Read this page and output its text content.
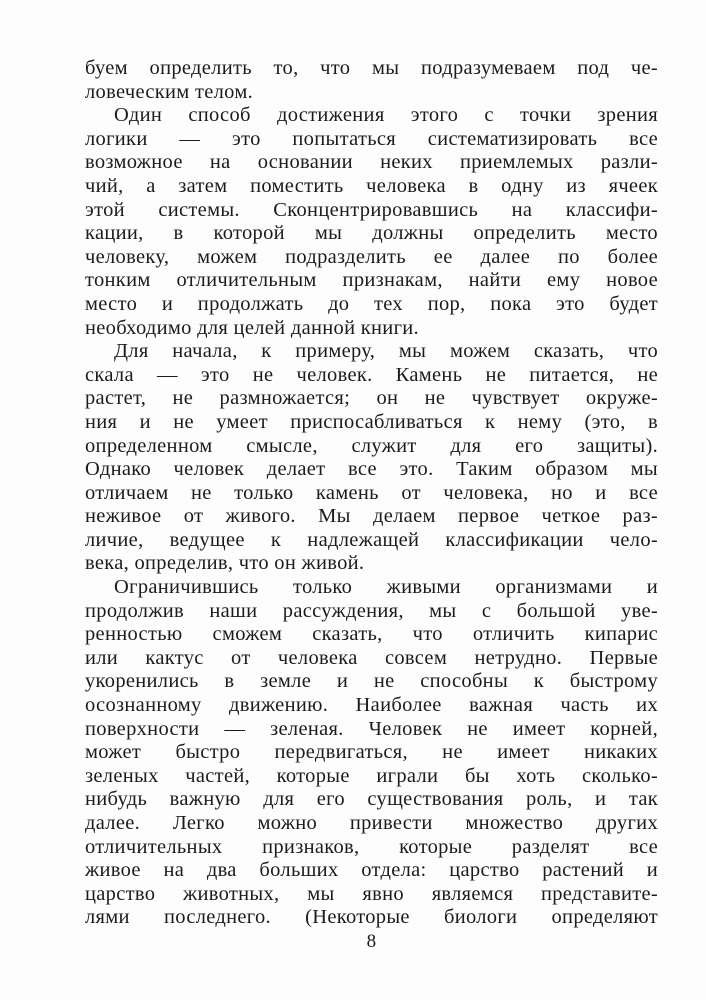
буем определить то, что мы подразумеваем под че-
ловеческим телом.
Один способ достижения этого с точки зрения
логики — это попытаться систематизировать все
возможное на основании неких приемлемых разли-
чий, а затем поместить человека в одну из ячеек
этой системы. Сконцентрировавшись на классифи-
кации, в которой мы должны определить место
человеку, можем подразделить ее далее по более
тонким отличительным признакам, найти ему новое
место и продолжать до тех пор, пока это будет
необходимо для целей данной книги.
Для начала, к примеру, мы можем сказать, что
скала — это не человек. Камень не питается, не
растет, не размножается; он не чувствует окруже-
ния и не умеет приспосабливаться к нему (это, в
определенном смысле, служит для его защиты).
Однако человек делает все это. Таким образом мы
отличаем не только камень от человека, но и все
неживое от живого. Мы делаем первое четкое раз-
личие, ведущее к надлежащей классификации чело-
века, определив, что он живой.
Ограничившись только живыми организмами и
продолжив наши рассуждения, мы с большой уве-
ренностью сможем сказать, что отличить кипарис
или кактус от человека совсем нетрудно. Первые
укоренились в земле и не способны к быстрому
осознанному движению. Наиболее важная часть их
поверхности — зеленая. Человек не имеет корней,
может быстро передвигаться, не имеет никаких
зеленых частей, которые играли бы хоть сколько-
нибудь важную для его существования роль, и так
далее. Легко можно привести множество других
отличительных признаков, которые разделят все
живое на два больших отдела: царство растений и
царство животных, мы явно являемся представите-
лями последнего. (Некоторые биологи определяют
8
